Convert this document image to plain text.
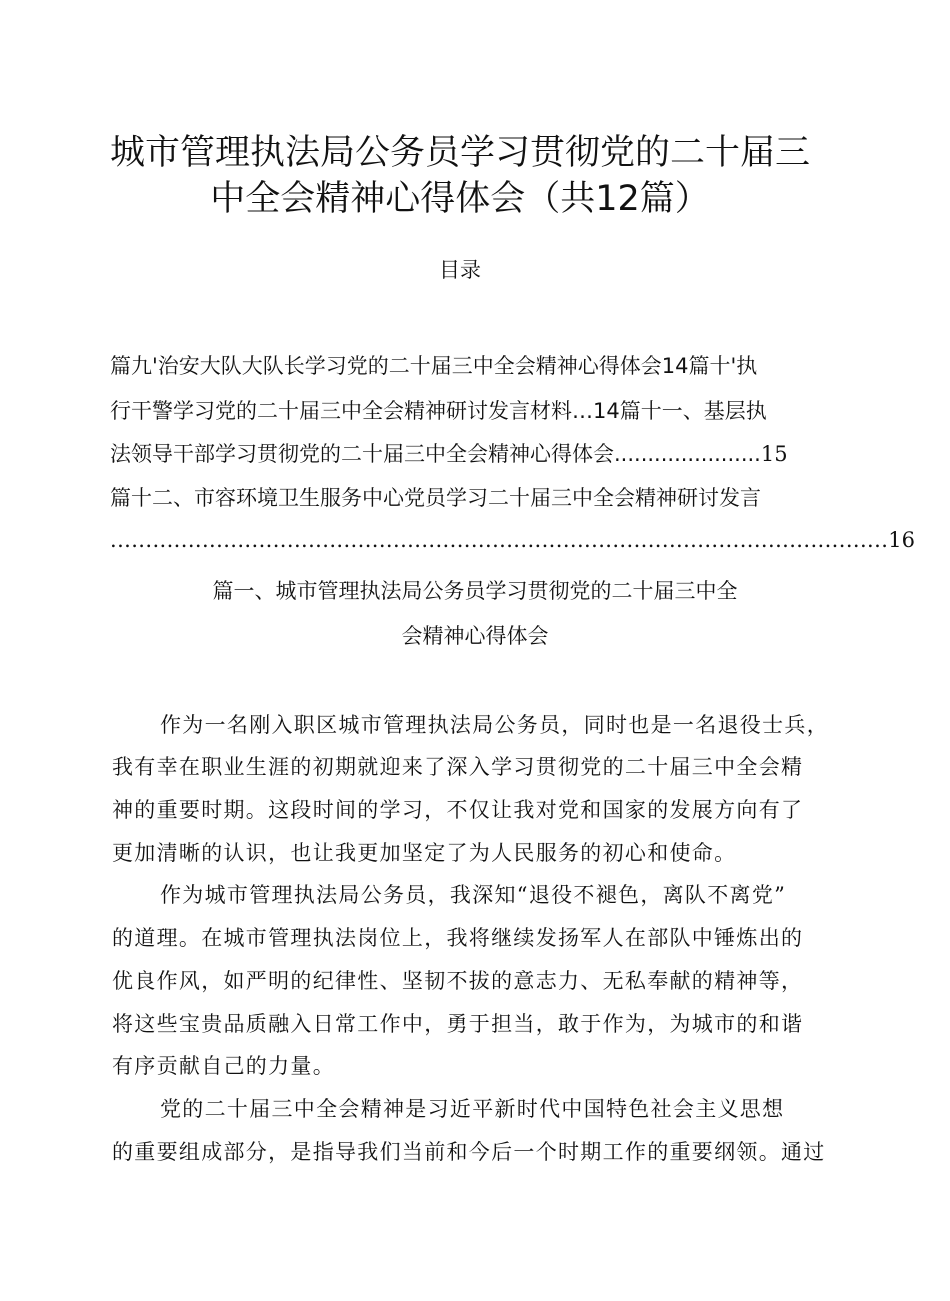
城市管理执法局公务员学习贯彻党的二十届三
中全会精神心得体会（共12篇）
目录
篇九'治安大队大队长学习党的二十届三中全会精神心得体会14篇十'执
行干警学习党的二十届三中全会精神研讨发言材料…14篇十一、基层执
法领导干部学习贯彻党的二十届三中全会精神心得体会......................15
篇十二、市容环境卫生服务中心党员学习二十届三中全会精神研讨发言
..............................................................................................................16
篇一、城市管理执法局公务员学习贯彻党的二十届三中全
会精神心得体会
作为一名刚入职区城市管理执法局公务员，同时也是一名退役士兵，
我有幸在职业生涯的初期就迎来了深入学习贯彻党的二十届三中全会精
神的重要时期。这段时间的学习，不仅让我对党和国家的发展方向有了
更加清晰的认识，也让我更加坚定了为人民服务的初心和使命。
作为城市管理执法局公务员，我深知“退役不褪色，离队不离党”
的道理。在城市管理执法岗位上，我将继续发扬军人在部队中锤炼出的
优良作风，如严明的纪律性、坚韧不拔的意志力、无私奉献的精神等，
将这些宝贵品质融入日常工作中，勇于担当，敢于作为，为城市的和谐
有序贡献自己的力量。
党的二十届三中全会精神是习近平新时代中国特色社会主义思想
的重要组成部分，是指导我们当前和今后一个时期工作的重要纲领。通过
